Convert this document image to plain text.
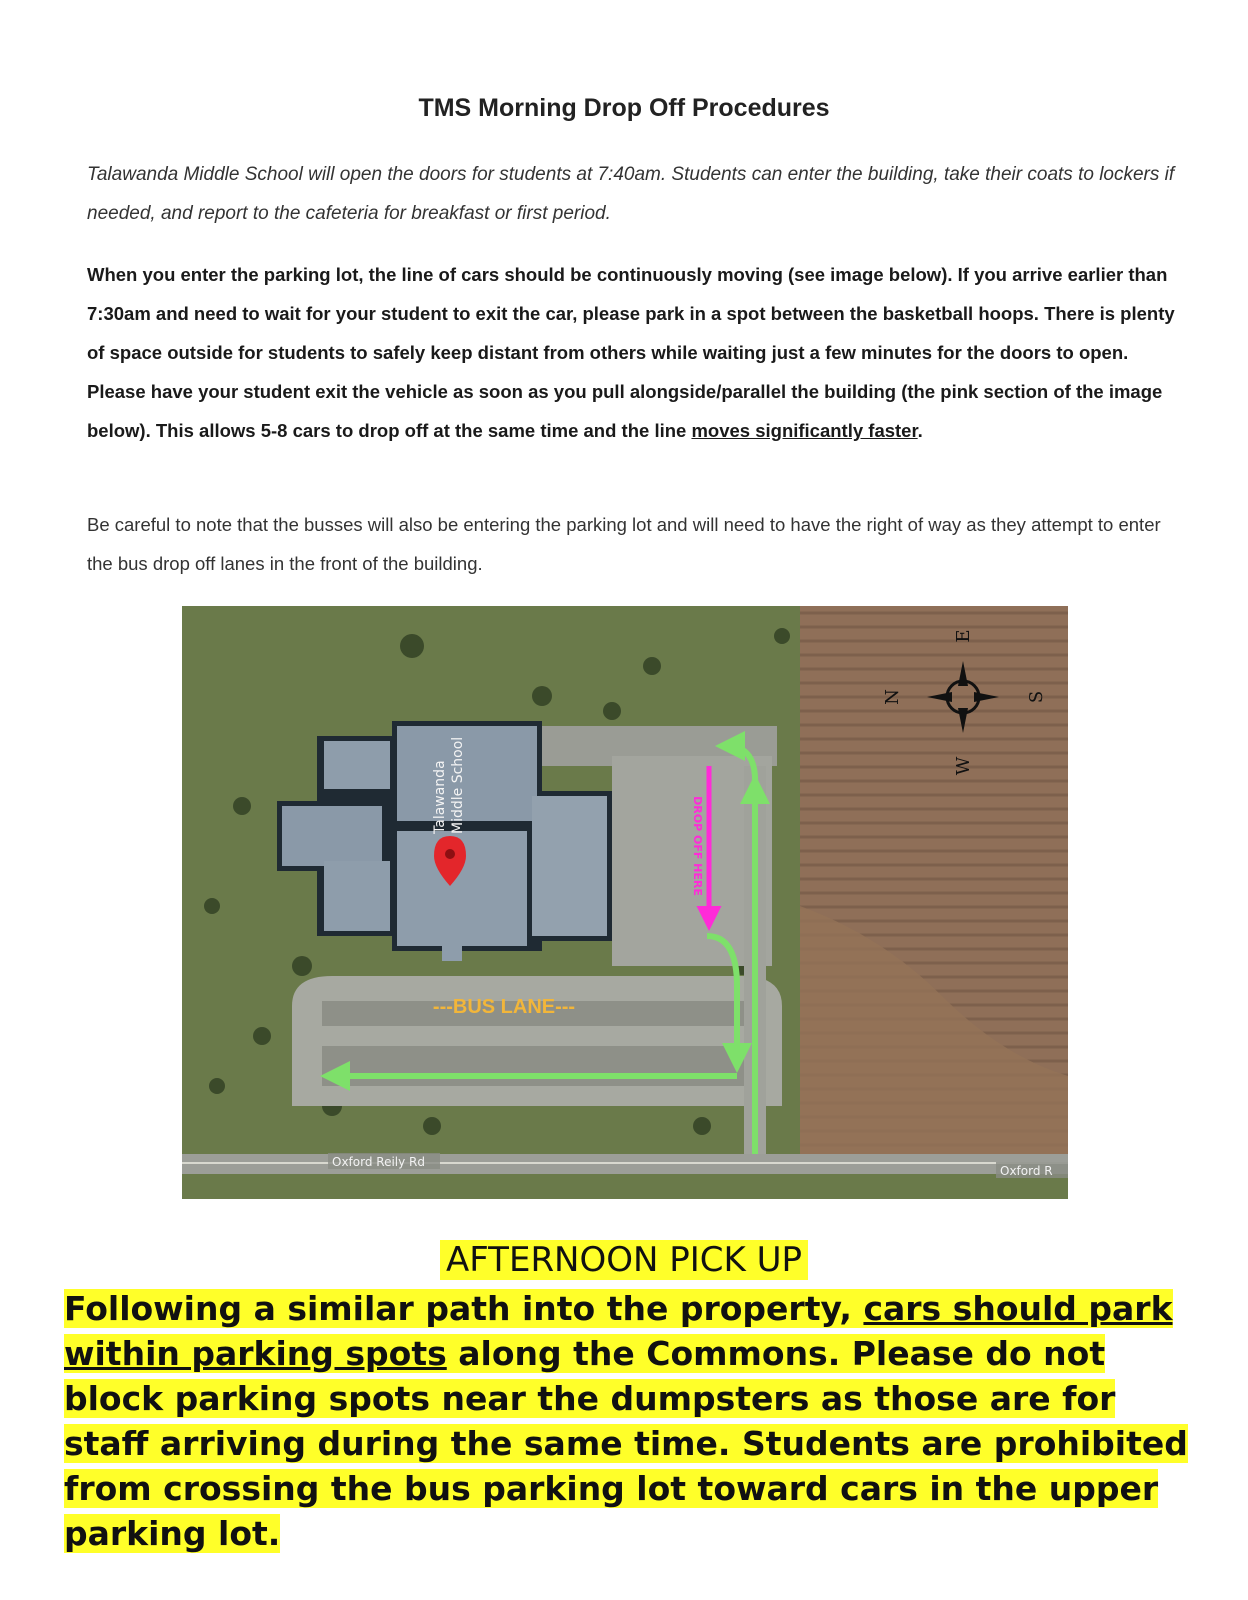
TMS Morning Drop Off Procedures
Talawanda Middle School will open the doors for students at 7:40am. Students can enter the building, take their coats to lockers if needed, and report to the cafeteria for breakfast or first period.
When you enter the parking lot, the line of cars should be continuously moving (see image below). If you arrive earlier than 7:30am and need to wait for your student to exit the car, please park in a spot between the basketball hoops. There is plenty of space outside for students to safely keep distant from others while waiting just a few minutes for the doors to open. Please have your student exit the vehicle as soon as you pull alongside/parallel the building (the pink section of the image below). This allows 5-8 cars to drop off at the same time and the line moves significantly faster.
Be careful to note that the busses will also be entering the parking lot and will need to have the right of way as they attempt to enter the bus drop off lanes in the front of the building.
DROP OFF HERE
Talawanda Middle School
---BUS LANE---
Oxford Reily Rd
Oxford R
N
E
S
W
AFTERNOON PICK UP
Following a similar path into the property, cars should park within parking spots along the Commons. Please do not block parking spots near the dumpsters as those are for staff arriving during the same time. Students are prohibited from crossing the bus parking lot toward cars in the upper parking lot.
